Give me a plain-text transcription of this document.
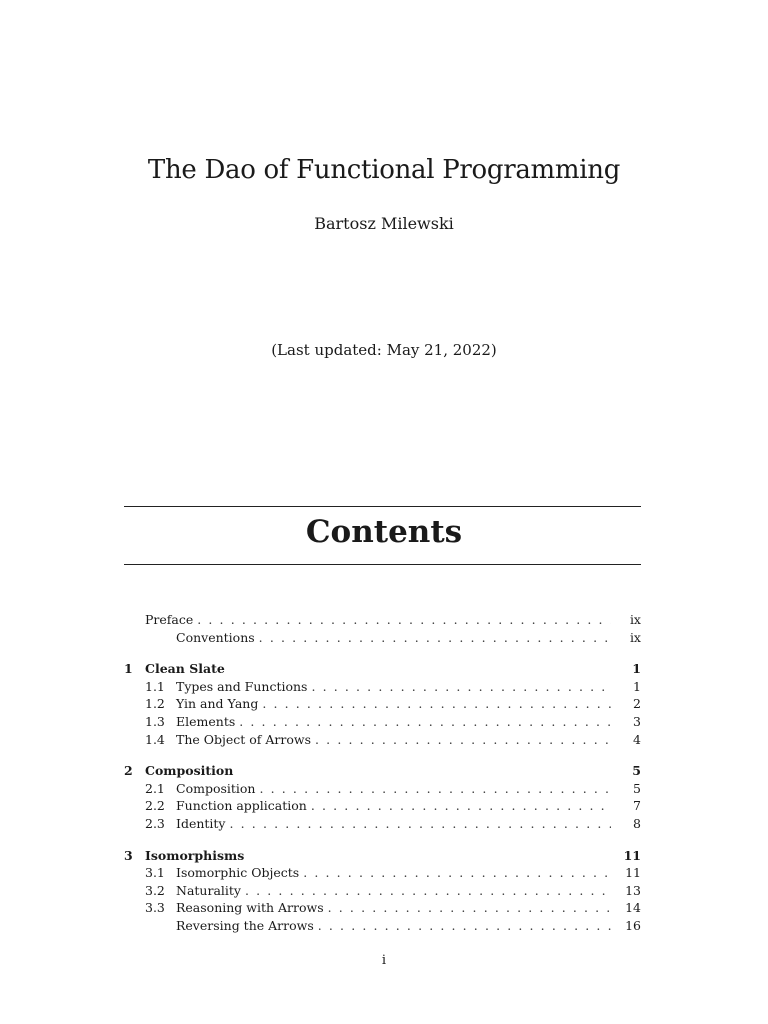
The Dao of Functional Programming
Bartosz Milewski
(Last updated: May 21, 2022)
Contents
Preface . . .	ix
Conventions . . .	ix
1 Clean Slate	1
1.1 Types and Functions . . .	1
1.2 Yin and Yang . . .	2
1.3 Elements . . .	3
1.4 The Object of Arrows . . .	4
2 Composition	5
2.1 Composition . . .	5
2.2 Function application . . .	7
2.3 Identity . . .	8
3 Isomorphisms	11
3.1 Isomorphic Objects . . .	11
3.2 Naturality . . .	13
3.3 Reasoning with Arrows . . .	14
Reversing the Arrows . . .	16
i
